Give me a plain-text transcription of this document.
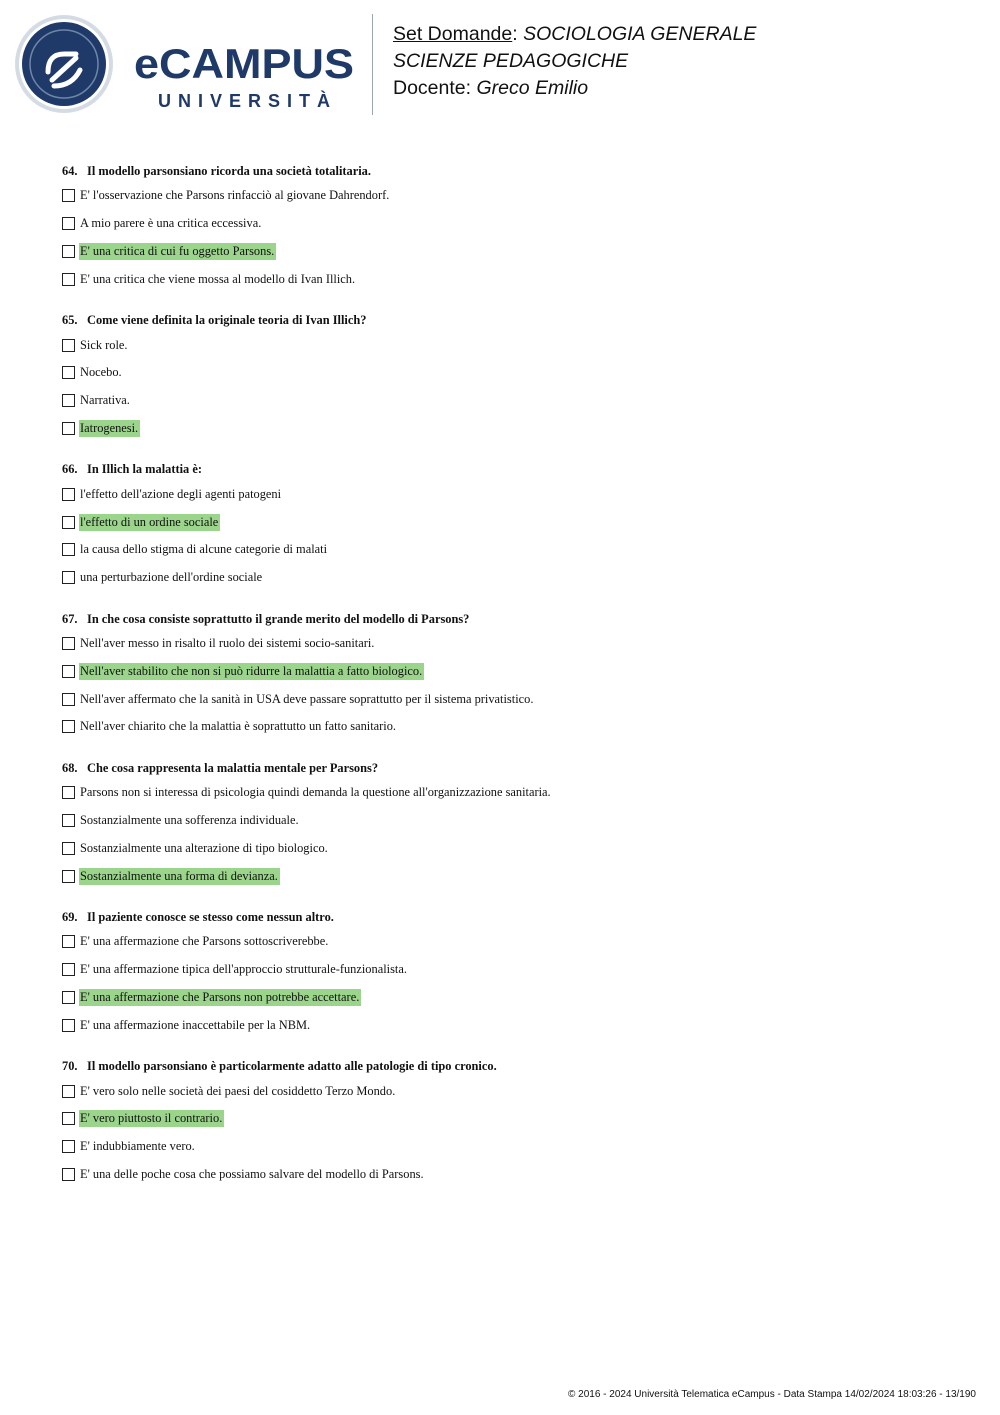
eCAMPUS
UNIVERSITÀ
Set Domande: SOCIOLOGIA GENERALE
SCIENZE PEDAGOGICHE
Docente: Greco Emilio
64. Il modello parsonsiano ricorda una società totalitaria.
E' l'osservazione che Parsons rinfacciò al giovane Dahrendorf.
A mio parere è una critica eccessiva.
E' una critica di cui fu oggetto Parsons.
E' una critica che viene mossa al modello di Ivan Illich.
65. Come viene definita la originale teoria di Ivan Illich?
Sick role.
Nocebo.
Narrativa.
Iatrogenesi.
66. In Illich la malattia è:
l'effetto dell'azione degli agenti patogeni
l'effetto di un ordine sociale
la causa dello stigma di alcune categorie di malati
una perturbazione dell'ordine sociale
67. In che cosa consiste soprattutto il grande merito del modello di Parsons?
Nell'aver messo in risalto il ruolo dei sistemi socio-sanitari.
Nell'aver stabilito che non si può ridurre la malattia a fatto biologico.
Nell'aver affermato che la sanità in USA deve passare soprattutto per il sistema privatistico.
Nell'aver chiarito che la malattia è soprattutto un fatto sanitario.
68. Che cosa rappresenta la malattia mentale per Parsons?
Parsons non si interessa di psicologia quindi demanda la questione all'organizzazione sanitaria.
Sostanzialmente una sofferenza individuale.
Sostanzialmente una alterazione di tipo biologico.
Sostanzialmente una forma di devianza.
69. Il paziente conosce se stesso come nessun altro.
E' una affermazione che Parsons sottoscriverebbe.
E' una affermazione tipica dell'approccio strutturale-funzionalista.
E' una affermazione che Parsons non potrebbe accettare.
E' una affermazione inaccettabile per la NBM.
70. Il modello parsonsiano è particolarmente adatto alle patologie di tipo cronico.
E' vero solo nelle società dei paesi del cosiddetto Terzo Mondo.
E' vero piuttosto il contrario.
E' indubbiamente vero.
E' una delle poche cosa che possiamo salvare del modello di Parsons.
© 2016 - 2024 Università Telematica eCampus - Data Stampa 14/02/2024 18:03:26 - 13/190
